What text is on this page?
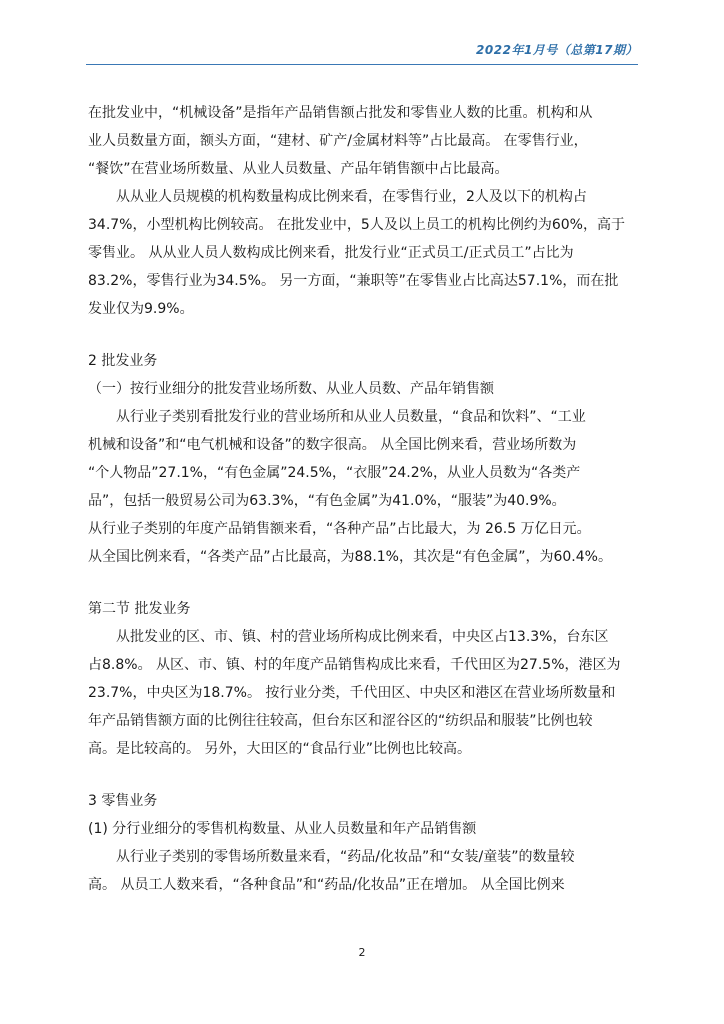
2022年1月号（总第17期）
在批发业中，“机械设备”是指年产品销售额占批发和零售业人数的比重。机构和从
业人员数量方面，额头方面，“建材、矿产/金属材料等”占比最高。 在零售行业，
“餐饮”在营业场所数量、从业人员数量、产品年销售额中占比最高。
　　从从业人员规模的机构数量构成比例来看，在零售行业，2人及以下的机构占
34.7%，小型机构比例较高。 在批发业中，5人及以上员工的机构比例约为60%，高于
零售业。 从从业人员人数构成比例来看，批发行业“正式员工/正式员工”占比为
83.2%，零售行业为34.5%。 另一方面，“兼职等”在零售业占比高达57.1%，而在批
发业仅为9.9%。
2 批发业务
（一）按行业细分的批发营业场所数、从业人员数、产品年销售额
　　从行业子类别看批发行业的营业场所和从业人员数量，“食品和饮料”、“工业
机械和设备”和“电气机械和设备”的数字很高。 从全国比例来看，营业场所数为
“个人物品”27.1%，“有色金属”24.5%，“衣服”24.2%，从业人员数为“各类产
品”，包括一般贸易公司为63.3%，“有色金属”为41.0%，“服装”为40.9%。
从行业子类别的年度产品销售额来看，“各种产品”占比最大，为 26.5 万亿日元。
从全国比例来看，“各类产品”占比最高，为88.1%，其次是“有色金属”，为60.4%。
第二节 批发业务
　　从批发业的区、市、镇、村的营业场所构成比例来看，中央区占13.3%，台东区
占8.8%。 从区、市、镇、村的年度产品销售构成比来看，千代田区为27.5%，港区为
23.7%，中央区为18.7%。 按行业分类，千代田区、中央区和港区在营业场所数量和
年产品销售额方面的比例往往较高，但台东区和涩谷区的“纺织品和服装”比例也较
高。是比较高的。 另外，大田区的“食品行业”比例也比较高。
3 零售业务
(1) 分行业细分的零售机构数量、从业人员数量和年产品销售额
　　从行业子类别的零售场所数量来看，“药品/化妆品”和“女装/童装”的数量较
高。 从员工人数来看，“各种食品”和“药品/化妆品”正在增加。 从全国比例来
2
